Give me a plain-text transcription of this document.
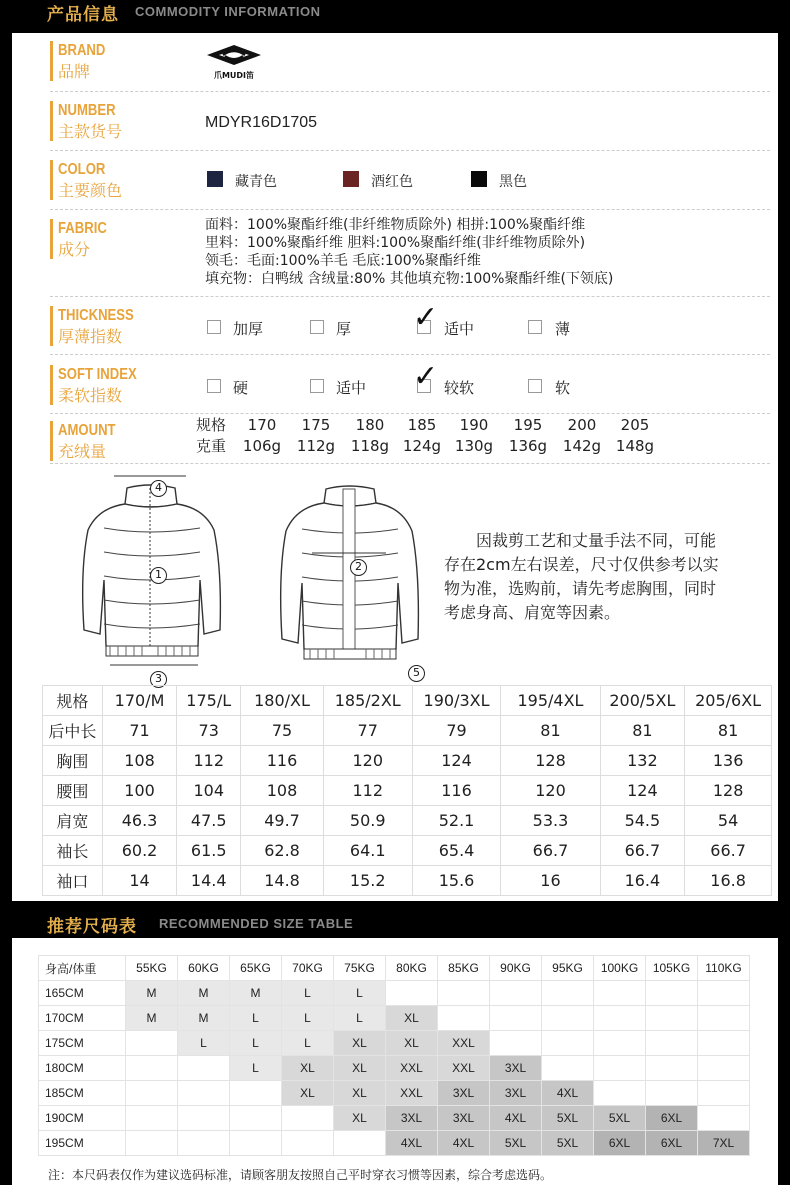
产品信息 COMMODITY INFORMATION
BRAND
品牌	爪MUDI笛
NUMBER
主款货号	MDYR16D1705
COLOR
主要颜色	藏青色	酒红色	黑色
FABRIC
成分
面料：100%聚酯纤维(非纤维物质除外) 相拼:100%聚酯纤维
里料：100%聚酯纤维 胆料:100%聚酯纤维(非纤维物质除外)
领毛：毛面:100%羊毛 毛底:100%聚酯纤维
填充物：白鸭绒 含绒量:80% 其他填充物:100%聚酯纤维(下领底)
THICKNESS
厚薄指数	加厚	厚 ✓ 适中	薄
SOFT INDEX
柔软指数	硬	适中 ✓ 较软	软
AMOUNT
充绒量
规格	170	175	180	185	190	195	200	205
克重	106g	112g	118g	124g	130g	136g	142g	148g
1
2
3
4
5
因裁剪工艺和丈量手法不同，可能
存在2cm左右误差，尺寸仅供参考以实
物为准，选购前，请先考虑胸围，同时
考虑身高、肩宽等因素。
规格	170/M	175/L	180/XL	185/2XL	190/3XL	195/4XL	200/5XL	205/6XL
后中长	71	73	75	77	79	81	81	81
胸围	108	112	116	120	124	128	132	136
腰围	100	104	108	112	116	120	124	128
肩宽	46.3	47.5	49.7	50.9	52.1	53.3	54.5	54
袖长	60.2	61.5	62.8	64.1	65.4	66.7	66.7	66.7
袖口	14	14.4	14.8	15.2	15.6	16	16.4	16.8
推荐尺码表 RECOMMENDED SIZE TABLE
身高/体重	55KG	60KG	65KG	70KG	75KG	80KG	85KG	90KG	95KG	100KG	105KG	110KG
165CM	M	M	M	L	L							
170CM	M	M	L	L	L	XL						
175CM		L	L	L	XL	XL	XXL					
180CM			L	XL	XL	XXL	XXL	3XL				
185CM				XL	XL	XXL	3XL	3XL	4XL			
190CM					XL	3XL	3XL	4XL	5XL	5XL	6XL	
195CM						4XL	4XL	5XL	5XL	6XL	6XL	7XL
注：本尺码表仅作为建议选码标准，请顾客朋友按照自己平时穿衣习惯等因素，综合考虑选码。
